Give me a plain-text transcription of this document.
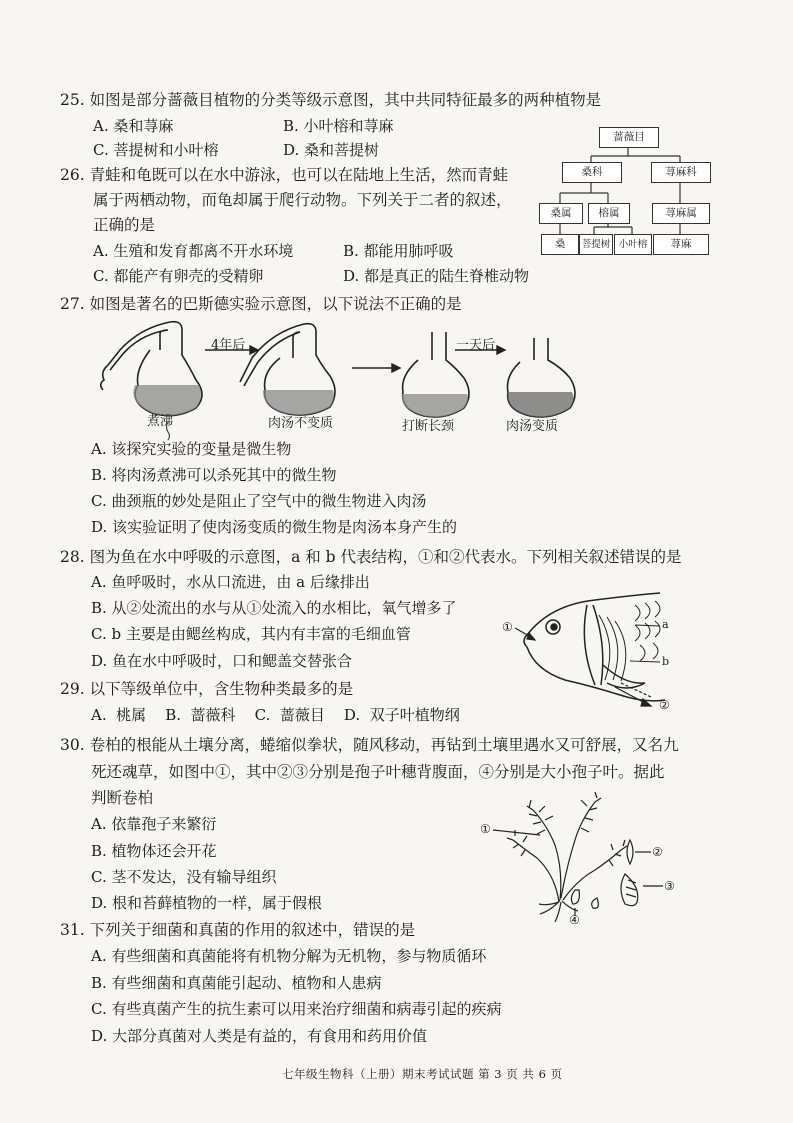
25. 如图是部分蔷薇目植物的分类等级示意图，其中共同特征最多的两种植物是
A. 桑和荨麻	B. 小叶榕和荨麻
C. 菩提树和小叶榕	D. 桑和菩提树
蔷薇目
桑科	荨麻科
桑属	榕属	荨麻属
桑	菩提树 小叶榕	荨麻
26. 青蛙和龟既可以在水中游泳，也可以在陆地上生活，然而青蛙
属于两栖动物，而龟却属于爬行动物。下列关于二者的叙述，
正确的是
A. 生殖和发育都离不开水环境	B. 都能用肺呼吸
C. 都能产有卵壳的受精卵	D. 都是真正的陆生脊椎动物
27. 如图是著名的巴斯德实验示意图，以下说法不正确的是
4年后	一天后
煮沸	肉汤不变质	打断长颈	肉汤变质
A. 该探究实验的变量是微生物
B. 将肉汤煮沸可以杀死其中的微生物
C. 曲颈瓶的妙处是阻止了空气中的微生物进入肉汤
D. 该实验证明了使肉汤变质的微生物是肉汤本身产生的
28. 图为鱼在水中呼吸的示意图，a 和 b 代表结构，①和②代表水。下列相关叙述错误的是
A. 鱼呼吸时，水从口流进，由 a 后缘排出
B. 从②处流出的水与从①处流入的水相比，氧气增多了
C. b 主要是由鳃丝构成，其内有丰富的毛细血管
D. 鱼在水中呼吸时，口和鳃盖交替张合
①	a
b
②
29. 以下等级单位中，含生物种类最多的是
A.  桃属    B.  蔷薇科    C.  蔷薇目    D.  双子叶植物纲
30. 卷柏的根能从土壤分离，蜷缩似拳状，随风移动，再钻到土壤里遇水又可舒展，又名九
死还魂草，如图中①，其中②③分别是孢子叶穗背腹面，④分别是大小孢子叶。据此
判断卷柏
A. 依靠孢子来繁衍
B. 植物体还会开花
C. 茎不发达，没有输导组织
D. 根和苔藓植物的一样，属于假根
①
②
③
④
31. 下列关于细菌和真菌的作用的叙述中，错误的是
A. 有些细菌和真菌能将有机物分解为无机物，参与物质循环
B. 有些细菌和真菌能引起动、植物和人患病
C. 有些真菌产生的抗生素可以用来治疗细菌和病毒引起的疾病
D. 大部分真菌对人类是有益的，有食用和药用价值
七年级生物科（上册）期末考试试题 第 3 页 共 6 页
